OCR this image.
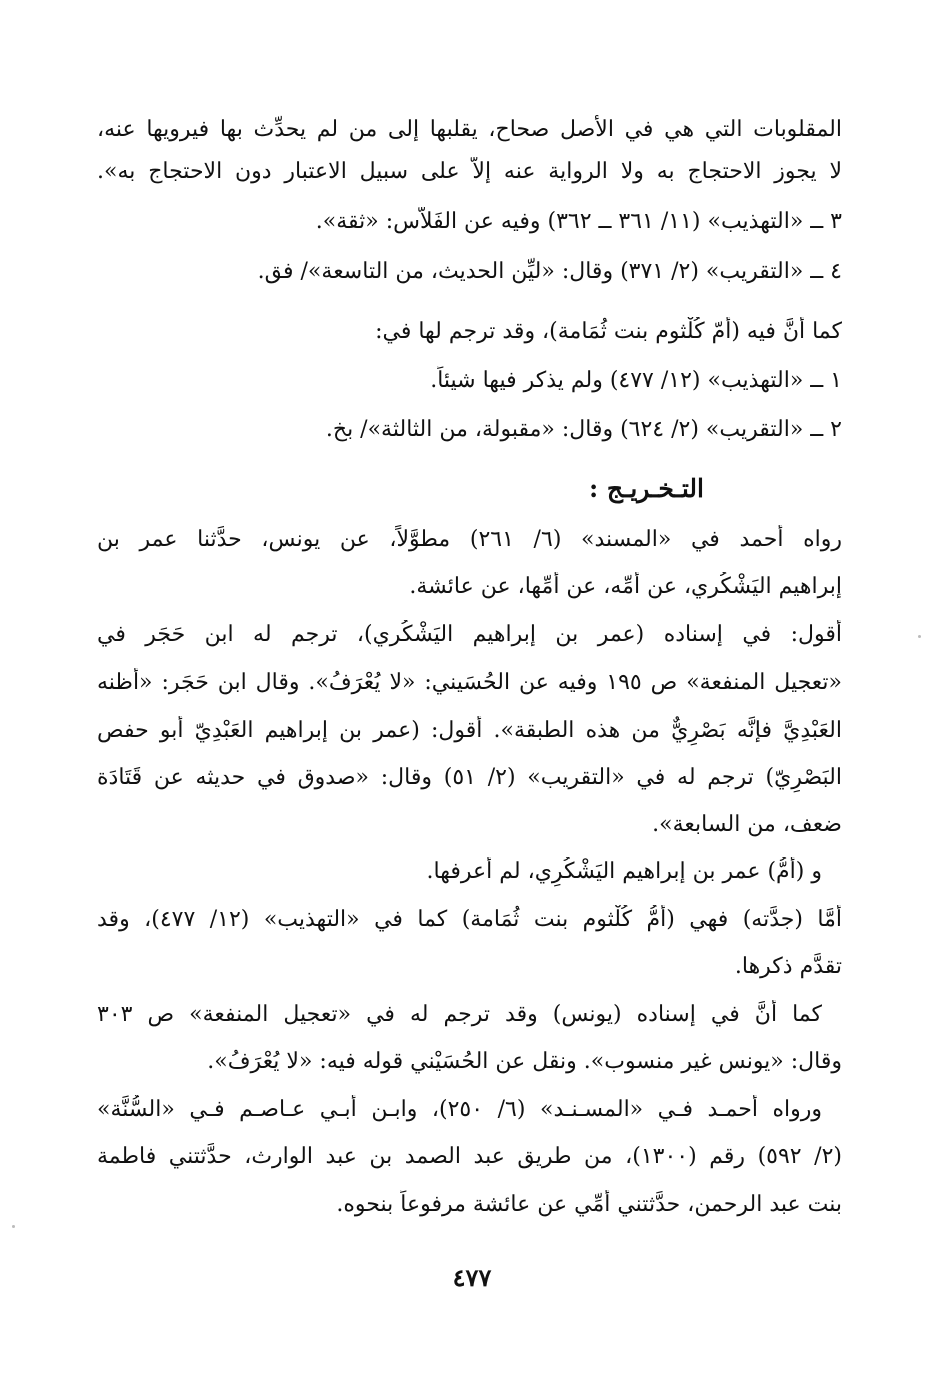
المقلوبات التي هي في الأصل صحاح، يقلبها إلى من لم يحدِّث بها فيرويها عنه،
لا يجوز الاحتجاج به ولا الرواية عنه إلاَّ على سبيل الاعتبار دون الاحتجاج به».
٣ ــ «التهذيب» (١١/ ٣٦١ ــ ٣٦٢) وفيه عن الفَلاَّس: «ثقة».
٤ ــ «التقريب» (٢/ ٣٧١) وقال: «ليِّن الحديث، من التاسعة»/ فق.
كما أنَّ فيه (أُمّ كُلْثوم بنت ثُمَامة)، وقد ترجم لها في:
١ ــ «التهذيب» (١٢/ ٤٧٧) ولم يذكر فيها شيئاً.
٢ ــ «التقريب» (٢/ ٦٢٤) وقال: «مقبولة، من الثالثة»/ بخ.
التـخـريـج :
رواه أحمد في «المسند» (٦/ ٢٦١) مطوَّلاً، عن يونس، حدَّثنا عمر بن
إبراهيم اليَشْكُري، عن أُمِّه، عن أُمِّها، عن عائشة.
أقول: في إسناده (عمر بن إبراهيم اليَشْكُري)، ترجم له ابن حَجَر في
«تعجيل المنفعة» ص ١٩٥ وفيه عن الحُسَيني: «لا يُعْرَفُ». وقال ابن حَجَر: «أظنه
العَبْدِيَّ فإنَّه بَصْرِيٌّ من هذه الطبقة». أقول: (عمر بن إبراهيم العَبْدِيّ أبو حفص
البَصْرِيّ) ترجم له في «التقريب» (٢/ ٥١) وقال: «صدوق في حديثه عن قَتَادَة
ضعف، من السابعة».
و (أُمُّ) عمر بن إبراهيم اليَشْكُرِي، لم أعرفها.
أمَّا (جدَّته) فهي (أُمُّ كُلْثوم بنت ثُمَامة) كما في «التهذيب» (١٢/ ٤٧٧)، وقد
تقدَّم ذكرها.
كما أنَّ في إسناده (يونس) وقد ترجم له في «تعجيل المنفعة» ص ٣٠٣
وقال: «يونس غير منسوب». ونقل عن الحُسَيْني قوله فيه: «لا يُعْرَفُ».
ورواه أحمـد فـي «المسـنـد» (٦/ ٢٥٠)، وابـن أبـي عـاصـم فـي «السُّنَّة»
(٢/ ٥٩٢) رقم (١٣٠٠)، من طريق عبد الصمد بن عبد الوارث، حدَّثتني فاطمة
بنت عبد الرحمن، حدَّثتني أُمِّي عن عائشة مرفوعاً بنحوه.
٤٧٧
